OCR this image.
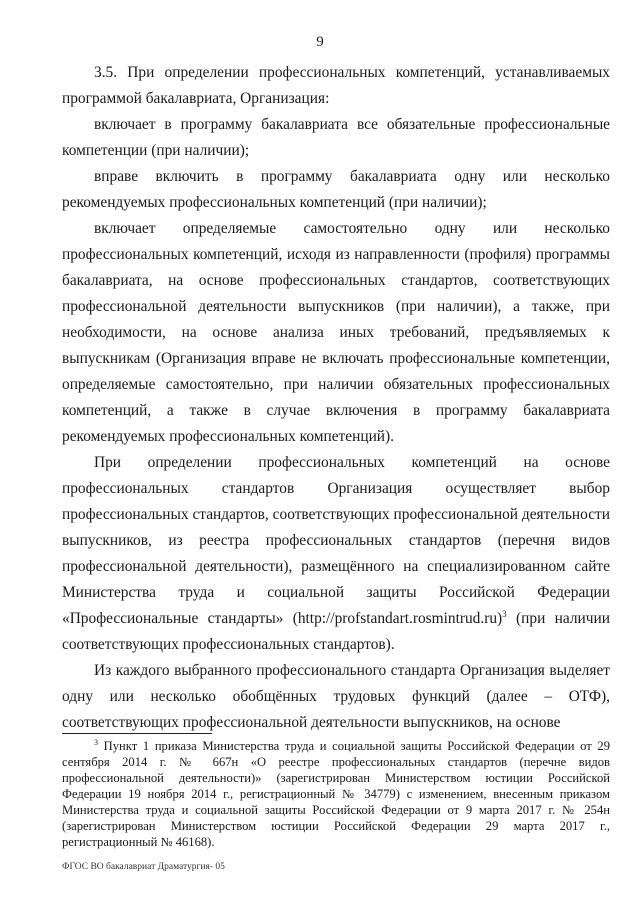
9

3.5. При определении профессиональных компетенций, устанавливаемых программой бакалавриата, Организация:

включает в программу бакалавриата все обязательные профессиональные компетенции (при наличии);

вправе включить в программу бакалавриата одну или несколько рекомендуемых профессиональных компетенций (при наличии);

включает определяемые самостоятельно одну или несколько профессиональных компетенций, исходя из направленности (профиля) программы бакалавриата, на основе профессиональных стандартов, соответствующих профессиональной деятельности выпускников (при наличии), а также, при необходимости, на основе анализа иных требований, предъявляемых к выпускникам (Организация вправе не включать профессиональные компетенции, определяемые самостоятельно, при наличии обязательных профессиональных компетенций, а также в случае включения в программу бакалавриата рекомендуемых профессиональных компетенций).

При определении профессиональных компетенций на основе профессиональных стандартов Организация осуществляет выбор профессиональных стандартов, соответствующих профессиональной деятельности выпускников, из реестра профессиональных стандартов (перечня видов профессиональной деятельности), размещённого на специализированном сайте Министерства труда и социальной защиты Российской Федерации «Профессиональные стандарты» (http://profstandart.rosmintrud.ru)$^3$ (при наличии соответствующих профессиональных стандартов).

Из каждого выбранного профессионального стандарта Организация выделяет одну или несколько обобщённых трудовых функций (далее – ОТФ), соответствующих профессиональной деятельности выпускников, на основе

$^3$ Пункт 1 приказа Министерства труда и социальной защиты Российской Федерации от 29 сентября 2014 г. № 667н «О реестре профессиональных стандартов (перечне видов профессиональной деятельности)» (зарегистрирован Министерством юстиции Российской Федерации 19 ноября 2014 г., регистрационный № 34779) с изменением, внесенным приказом Министерства труда и социальной защиты Российской Федерации от 9 марта 2017 г. № 254н (зарегистрирован Министерством юстиции Российской Федерации 29 марта 2017 г., регистрационный № 46168).
ФГОС ВО бакалавриат Драматургия- 05
